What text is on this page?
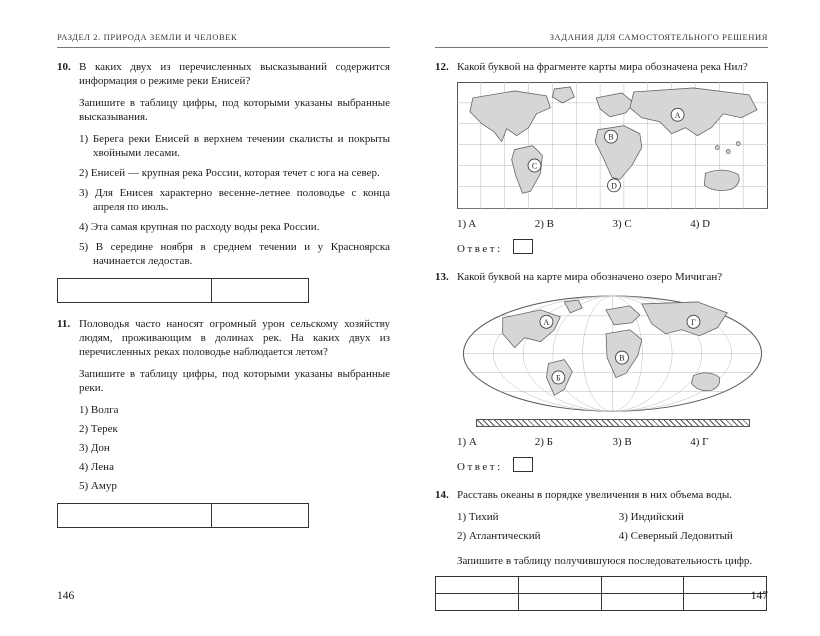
РАЗДЕЛ 2. ПРИРОДА ЗЕМЛИ И ЧЕЛОВЕК
10. В каких двух из перечисленных высказываний содержится информация о режиме реки Енисей?

Запишите в таблицу цифры, под которыми указаны выбранные высказывания.

1) Берега реки Енисей в верхнем течении скалисты и покрыты хвойными лесами.

2) Енисей — крупная река России, которая течет с юга на север.

3) Для Енисея характерно весенне-летнее половодье с конца апреля по июль.

4) Эта самая крупная по расходу воды река России.

5) В середине ноября в среднем течении и у Красноярска начинается ледостав.

11. Половодья часто наносят огромный урон сельскому хозяйству людям, проживающим в долинах рек. На каких двух из перечисленных реках половодье наблюдается летом?

Запишите в таблицу цифры, под которыми указаны выбранные реки.

1) Волга

2) Терек

3) Дон

4) Лена

5) Амур

ЗАДАНИЯ ДЛЯ САМОСТОЯТЕЛЬНОГО РЕШЕНИЯ
12. Какой буквой на фрагменте карты мира обозначена река Нил?

A
B
C
D
1) A	2) B	3) C	4) D
Ответ:
13. Какой буквой на карте мира обозначено озеро Мичиган?

А
Б
В
Г
1) А	2) Б	3) В	4) Г
Ответ:
14. Расставь океаны в порядке увеличения в них объема воды.

1) Тихий

2) Атлантический

3) Индийский

4) Северный Ледовитый

Запишите в таблицу получившуюся последовательность цифр.

146	147
